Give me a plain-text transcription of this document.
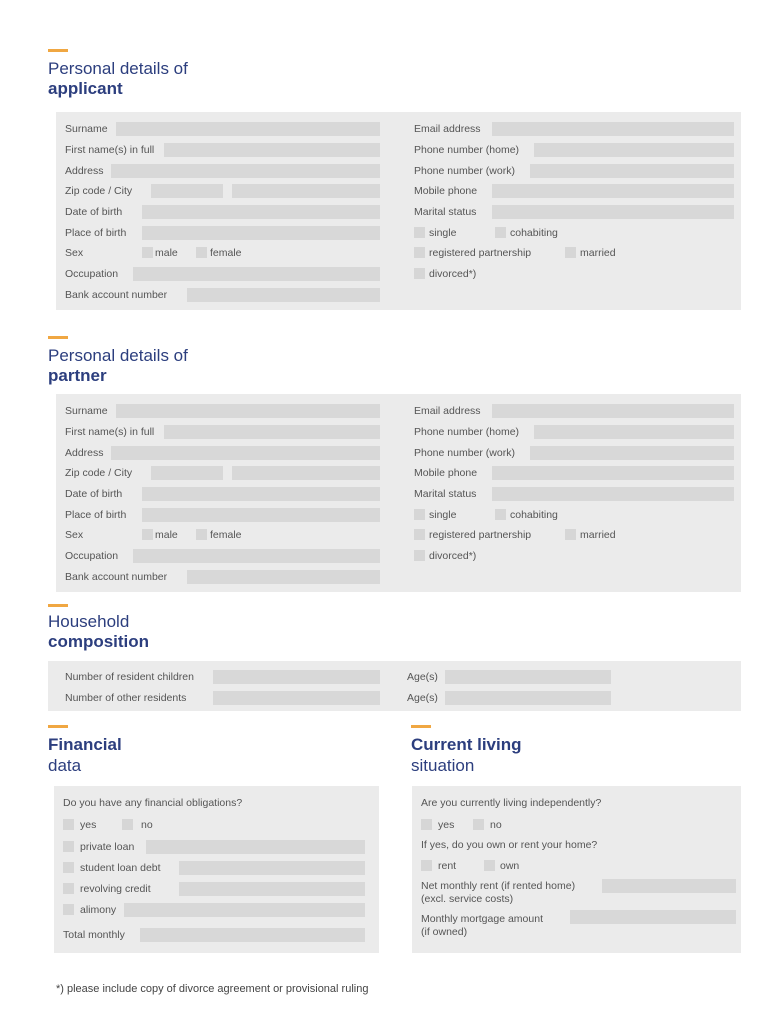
Personal details of
applicant
Surname
First name(s) in full
Address
Zip code / City
Date of birth
Place of birth
Sex	male	female
Occupation
Bank account number
Email address
Phone number (home)
Phone number (work)
Mobile phone
Marital status
single	cohabiting
registered partnership	married
divorced*)
Personal details of
partner
Surname
First name(s) in full
Address
Zip code / City
Date of birth
Place of birth
Sex	male	female
Occupation
Bank account number
Email address
Phone number (home)
Phone number (work)
Mobile phone
Marital status
single	cohabiting
registered partnership	married
divorced*)
Household
composition
Number of resident children	Age(s)
Number of other residents	Age(s)
Financial
data
Do you have any financial obligations?
yes	no
private loan
student loan debt
revolving credit
alimony
Total monthly
Current living
situation
Are you currently living independently?
yes	no
If yes, do you own or rent your home?
rent	own
Net monthly rent (if rented home)
(excl. service costs)
Monthly mortgage amount
(if owned)
*) please include copy of divorce agreement or provisional ruling
